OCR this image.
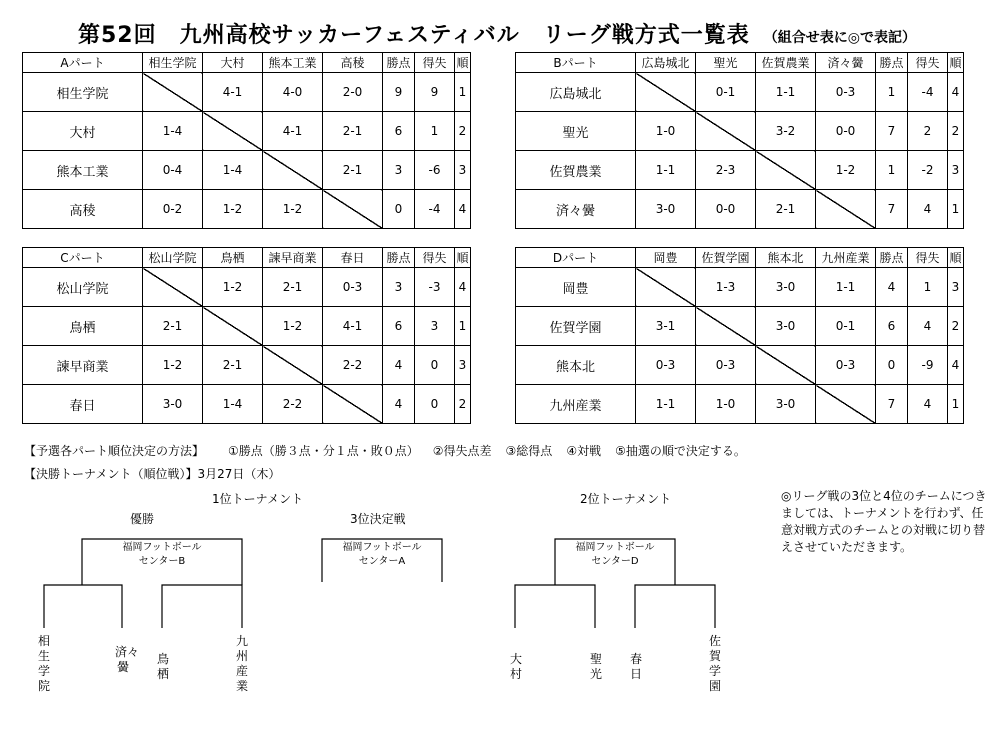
第52回　九州高校サッカーフェスティバル　リーグ戦方式一覧表 （組合せ表に◎で表記）
Aパート	相生学院	大村	熊本工業	高稜	勝点	得失	順
相生学院		4-1	4-0	2-0	9	9	1
大村	1-4		4-1	2-1	6	1	2
熊本工業	0-4	1-4		2-1	3	-6	3
高稜	0-2	1-2	1-2		0	-4	4
Bパート	広島城北	聖光	佐賀農業	済々黌	勝点	得失	順
広島城北		0-1	1-1	0-3	1	-4	4
聖光	1-0		3-2	0-0	7	2	2
佐賀農業	1-1	2-3		1-2	1	-2	3
済々黌	3-0	0-0	2-1		7	4	1
Cパート	松山学院	鳥栖	諫早商業	春日	勝点	得失	順
松山学院		1-2	2-1	0-3	3	-3	4
鳥栖	2-1		1-2	4-1	6	3	1
諫早商業	1-2	2-1		2-2	4	0	3
春日	3-0	1-4	2-2		4	0	2
Dパート	岡豊	佐賀学園	熊本北	九州産業	勝点	得失	順
岡豊		1-3	3-0	1-1	4	1	3
佐賀学園	3-1		3-0	0-1	6	4	2
熊本北	0-3	0-3		0-3	0	-9	4
九州産業	1-1	1-0	3-0		7	4	1
【予選各パート順位決定の方法】 ①勝点（勝３点・分１点・敗０点） ②得失点差 ③総得点 ④対戦 ⑤抽選の順で決定する。
【決勝トーナメント（順位戦）】3月27日（木）
1位トーナメント
優勝
福岡フットボール
センターB
相生学院
済々黌
鳥栖
九州産業
3位決定戦
福岡フットボール
センターA
2位トーナメント
福岡フットボール
センターD
大村
聖光
春日
佐賀学園
◎リーグ戦の3位と4位のチームにつきましては、トーナメントを行わず、任意対戦方式のチームとの対戦に切り替えさせていただきます。
